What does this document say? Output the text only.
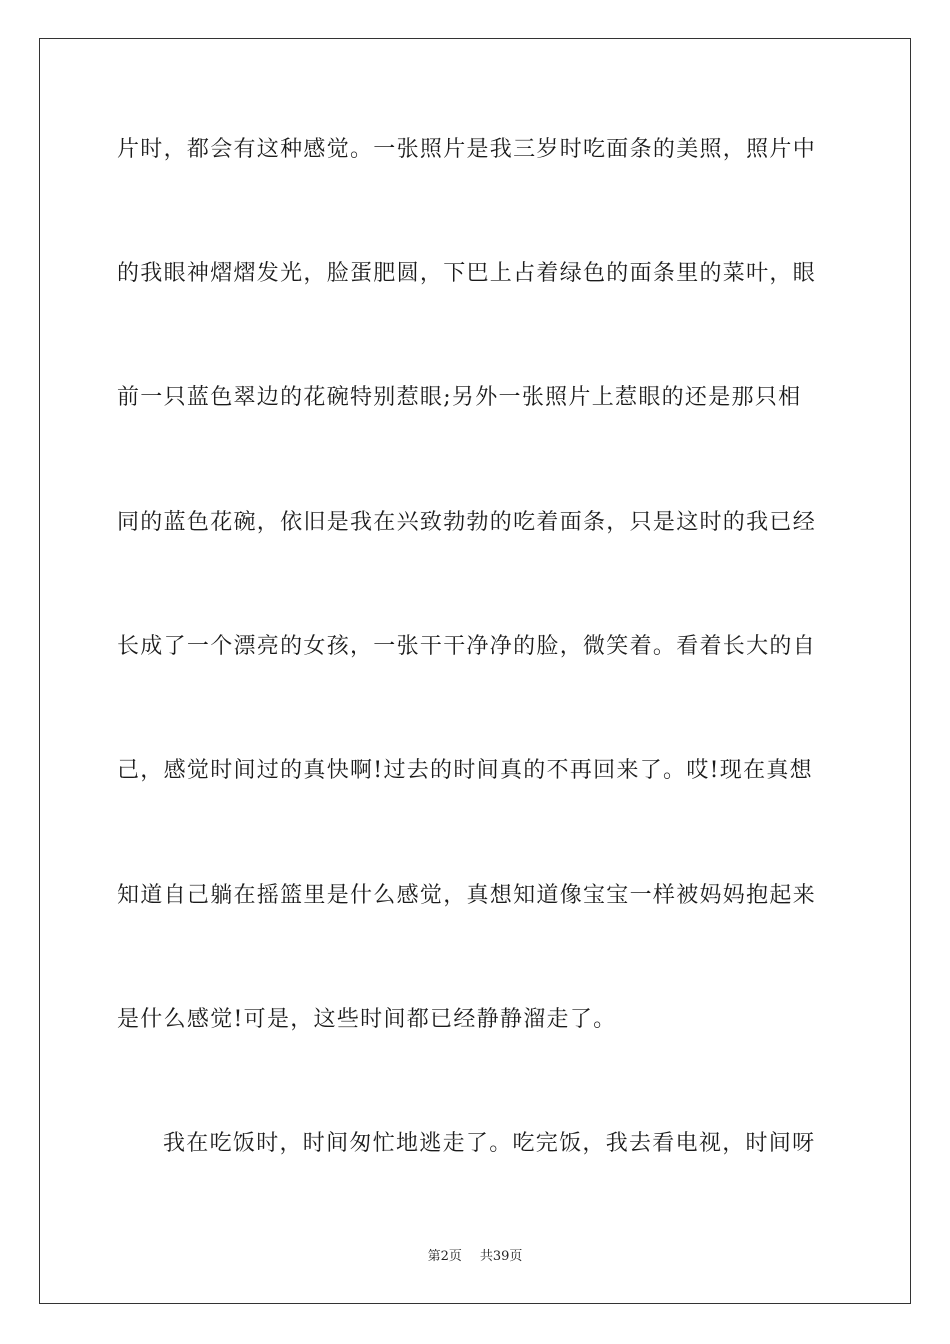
片时，都会有这种感觉。一张照片是我三岁时吃面条的美照，照片中
的我眼神熠熠发光，脸蛋肥圆，下巴上占着绿色的面条里的菜叶，眼
前一只蓝色翠边的花碗特别惹眼;另外一张照片上惹眼的还是那只相
同的蓝色花碗，依旧是我在兴致勃勃的吃着面条，只是这时的我已经
长成了一个漂亮的女孩，一张干干净净的脸，微笑着。看着长大的自
己，感觉时间过的真快啊!过去的时间真的不再回来了。哎!现在真想
知道自己躺在摇篮里是什么感觉，真想知道像宝宝一样被妈妈抱起来
是什么感觉!可是，这些时间都已经静静溜走了。
我在吃饭时，时间匆忙地逃走了。吃完饭，我去看电视，时间呀
第2页 共39页
